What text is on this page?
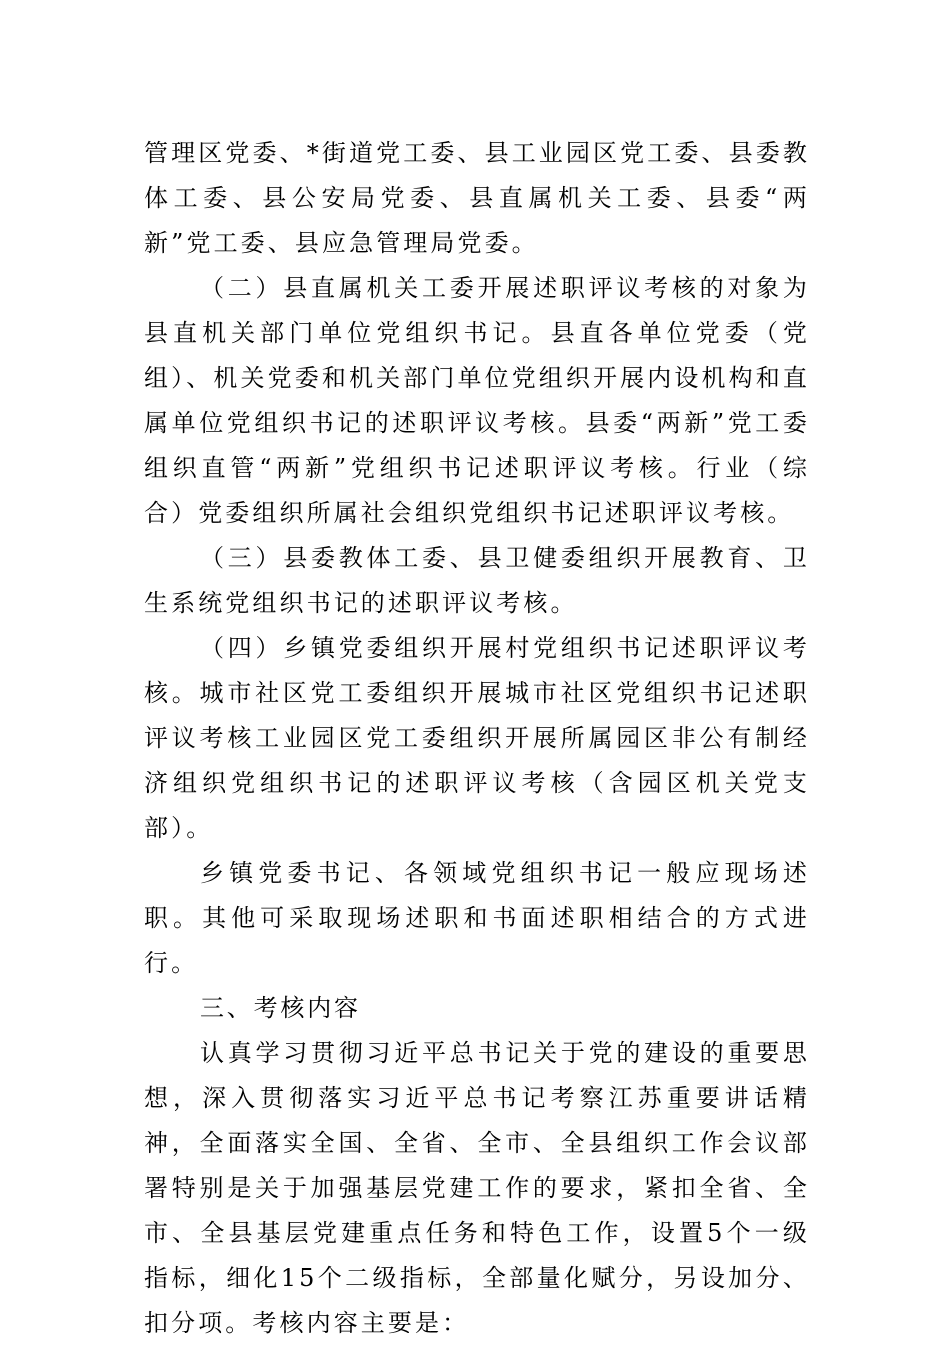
管理区党委、*街道党工委、县工业园区党工委、县委教体工委、县公安局党委、县直属机关工委、县委“两新”党工委、县应急管理局党委。

（二）县直属机关工委开展述职评议考核的对象为县直机关部门单位党组织书记。县直各单位党委（党组）、机关党委和机关部门单位党组织开展内设机构和直属单位党组织书记的述职评议考核。县委“两新”党工委组织直管“两新”党组织书记述职评议考核。行业（综合）党委组织所属社会组织党组织书记述职评议考核。

（三）县委教体工委、县卫健委组织开展教育、卫生系统党组织书记的述职评议考核。

（四）乡镇党委组织开展村党组织书记述职评议考核。城市社区党工委组织开展城市社区党组织书记述职评议考核工业园区党工委组织开展所属园区非公有制经济组织党组织书记的述职评议考核（含园区机关党支部）。

乡镇党委书记、各领域党组织书记一般应现场述职。其他可采取现场述职和书面述职相结合的方式进行。

三、考核内容

认真学习贯彻习近平总书记关于党的建设的重要思想，深入贯彻落实习近平总书记考察江苏重要讲话精神，全面落实全国、全省、全市、全县组织工作会议部署特别是关于加强基层党建工作的要求，紧扣全省、全市、全县基层党建重点任务和特色工作，设置5个一级指标，细化15个二级指标，全部量化赋分，另设加分、扣分项。考核内容主要是：
